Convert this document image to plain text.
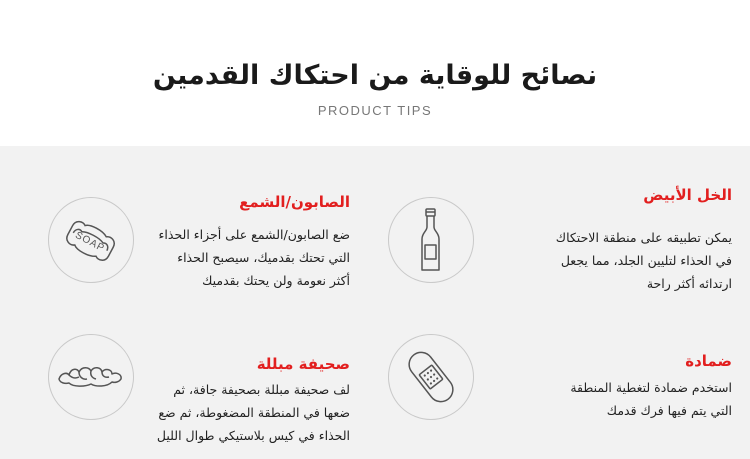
نصائح للوقاية من احتكاك القدمين
PRODUCT TIPS
الخل الأبيض
يمكن تطبيقه على منطقة الاحتكاك
في الحذاء لتليين الجلد، مما يجعل
ارتدائه أكثر راحة
الصابون/الشمع
ضع الصابون/الشمع على أجزاء الحذاء
التي تحتك بقدميك، سيصبح الحذاء
أكثر نعومة ولن يحتك بقدميك
SOAP
ضمادة
استخدم ضمادة لتغطية المنطقة
التي يتم فيها فرك قدمك
صحيفة مبللة
لف صحيفة مبللة بصحيفة جافة، ثم
ضعها في المنطقة المضغوطة، ثم ضع
الحذاء في كيس بلاستيكي طوال الليل
